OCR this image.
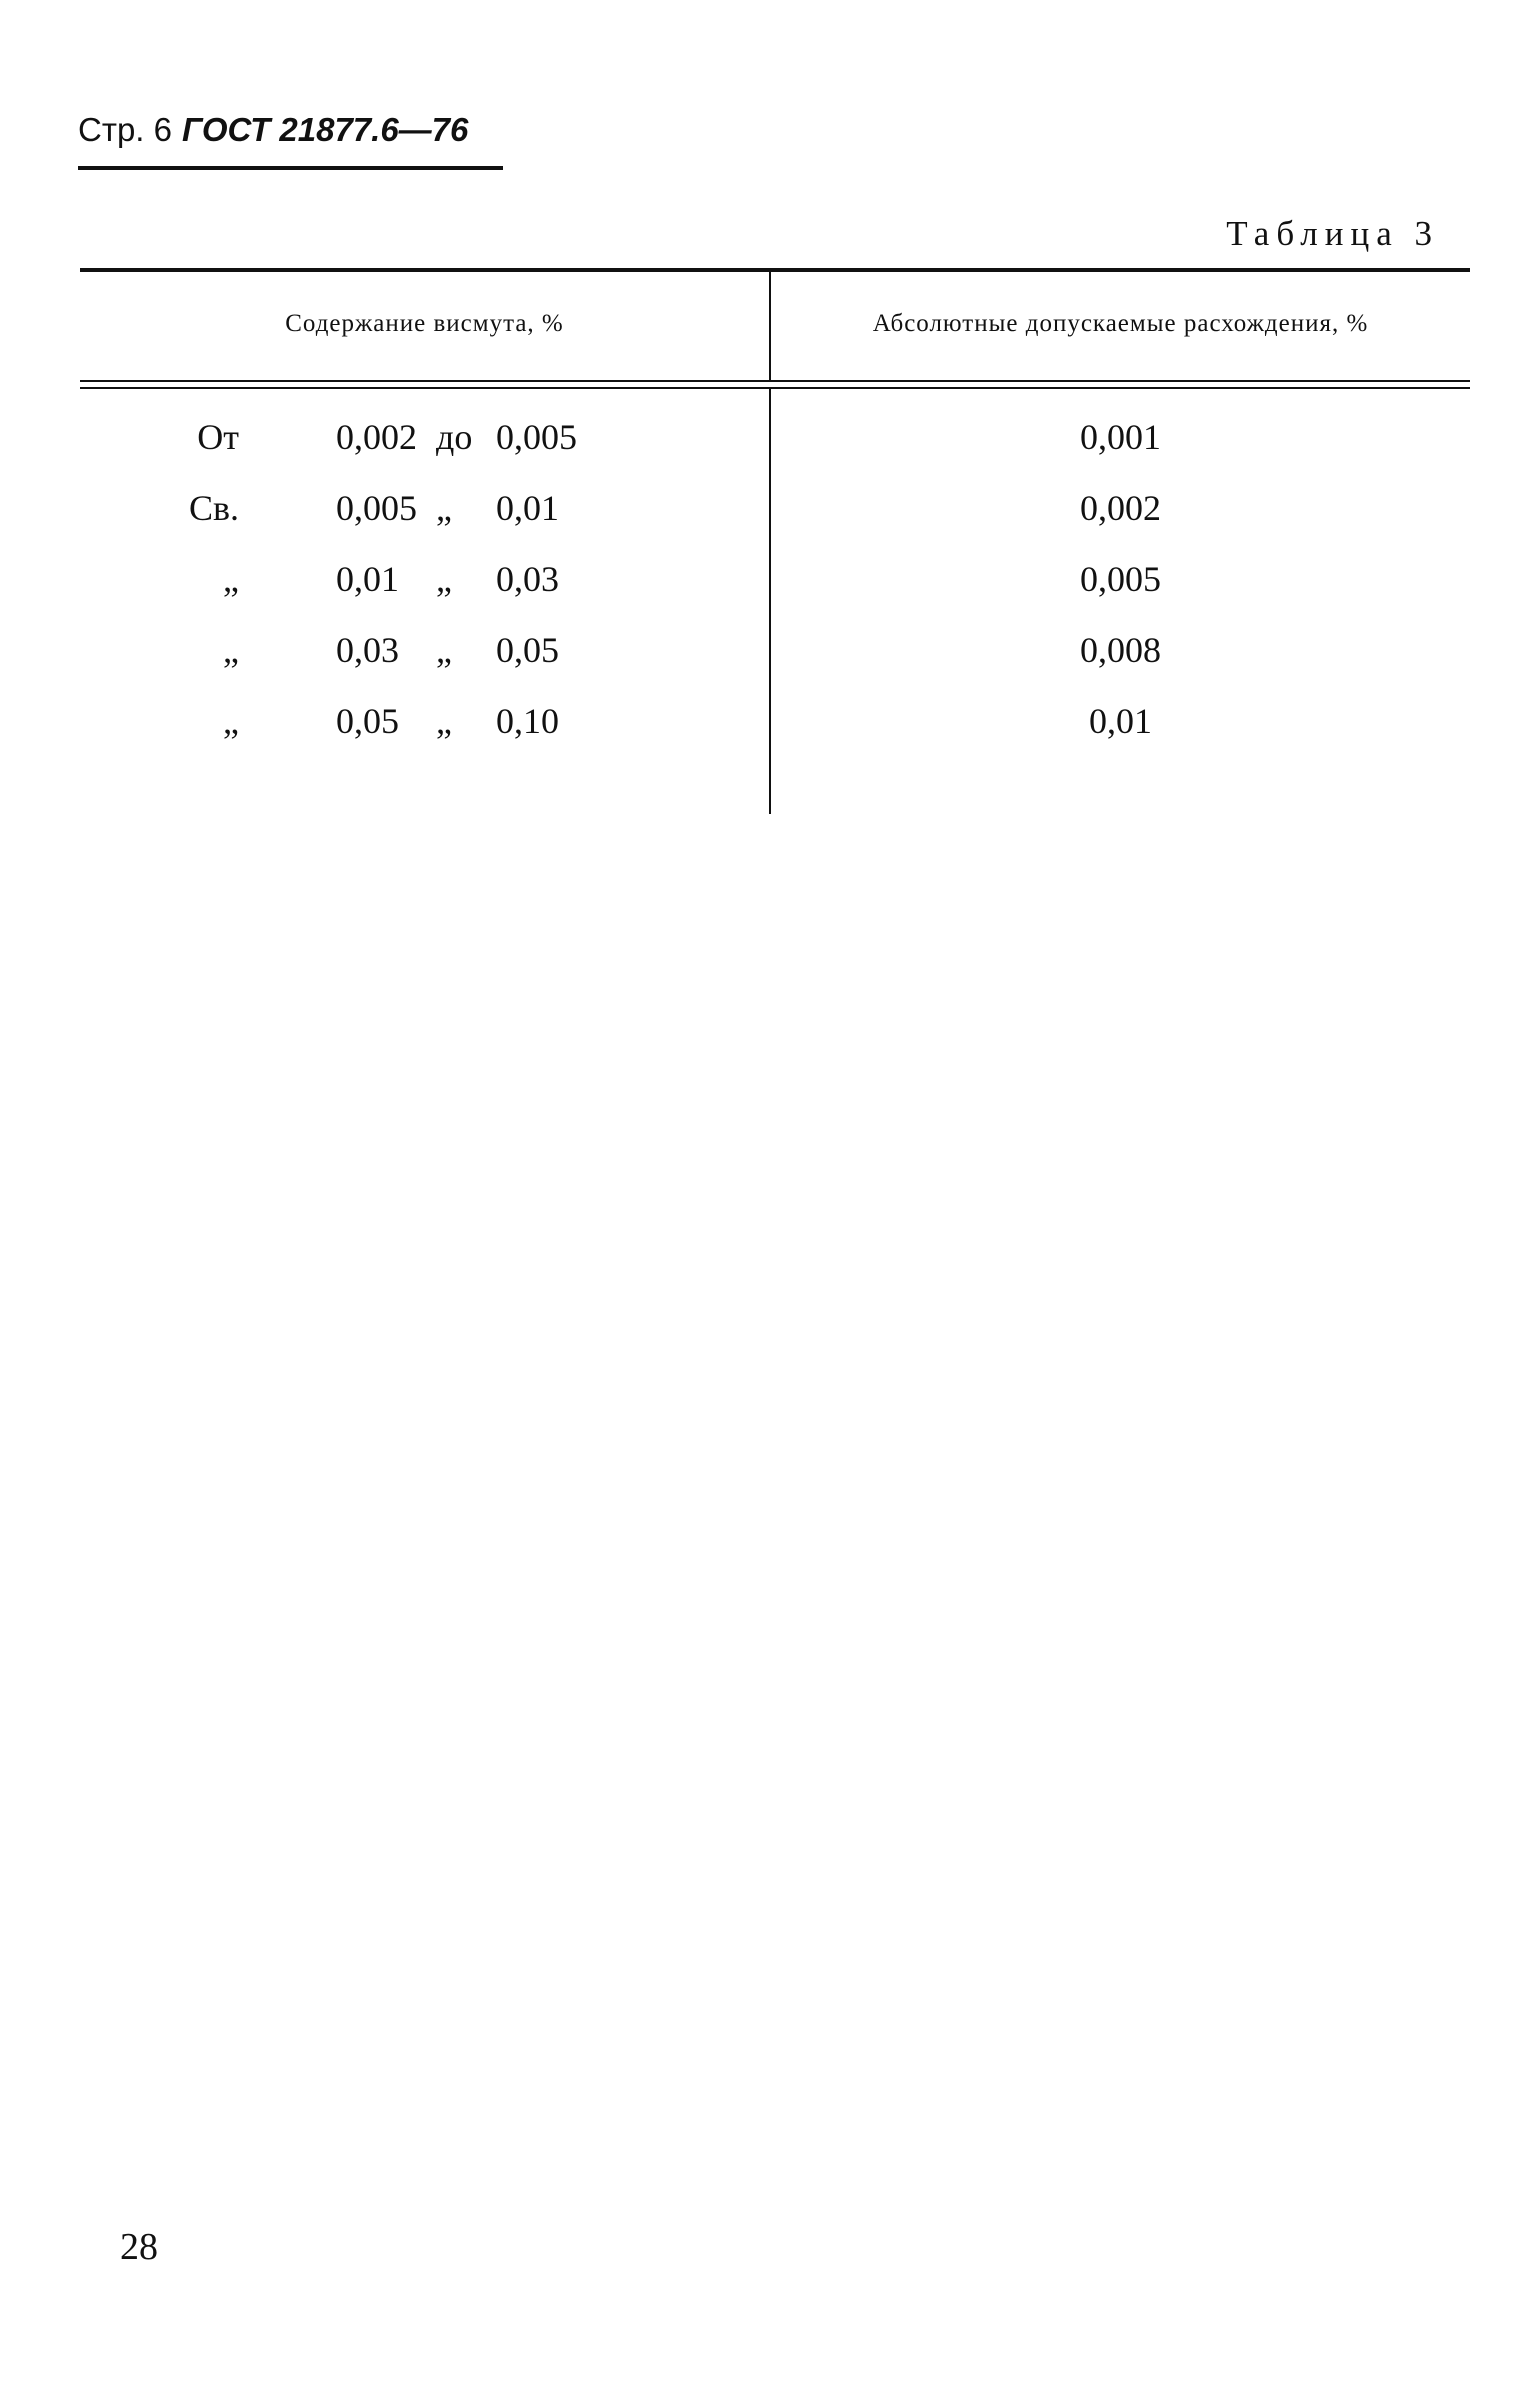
Стр. 6 ГОСТ 21877.6—76
Таблица 3
Содержание висмута, %	Абсолютные допускаемые расхождения, %
От	0,002 до 0,005	0,001
Св.	0,005 „ 0,01	0,002
„	0,01 „ 0,03	0,005
„	0,03 „ 0,05	0,008
„	0,05 „ 0,10	0,01
28
